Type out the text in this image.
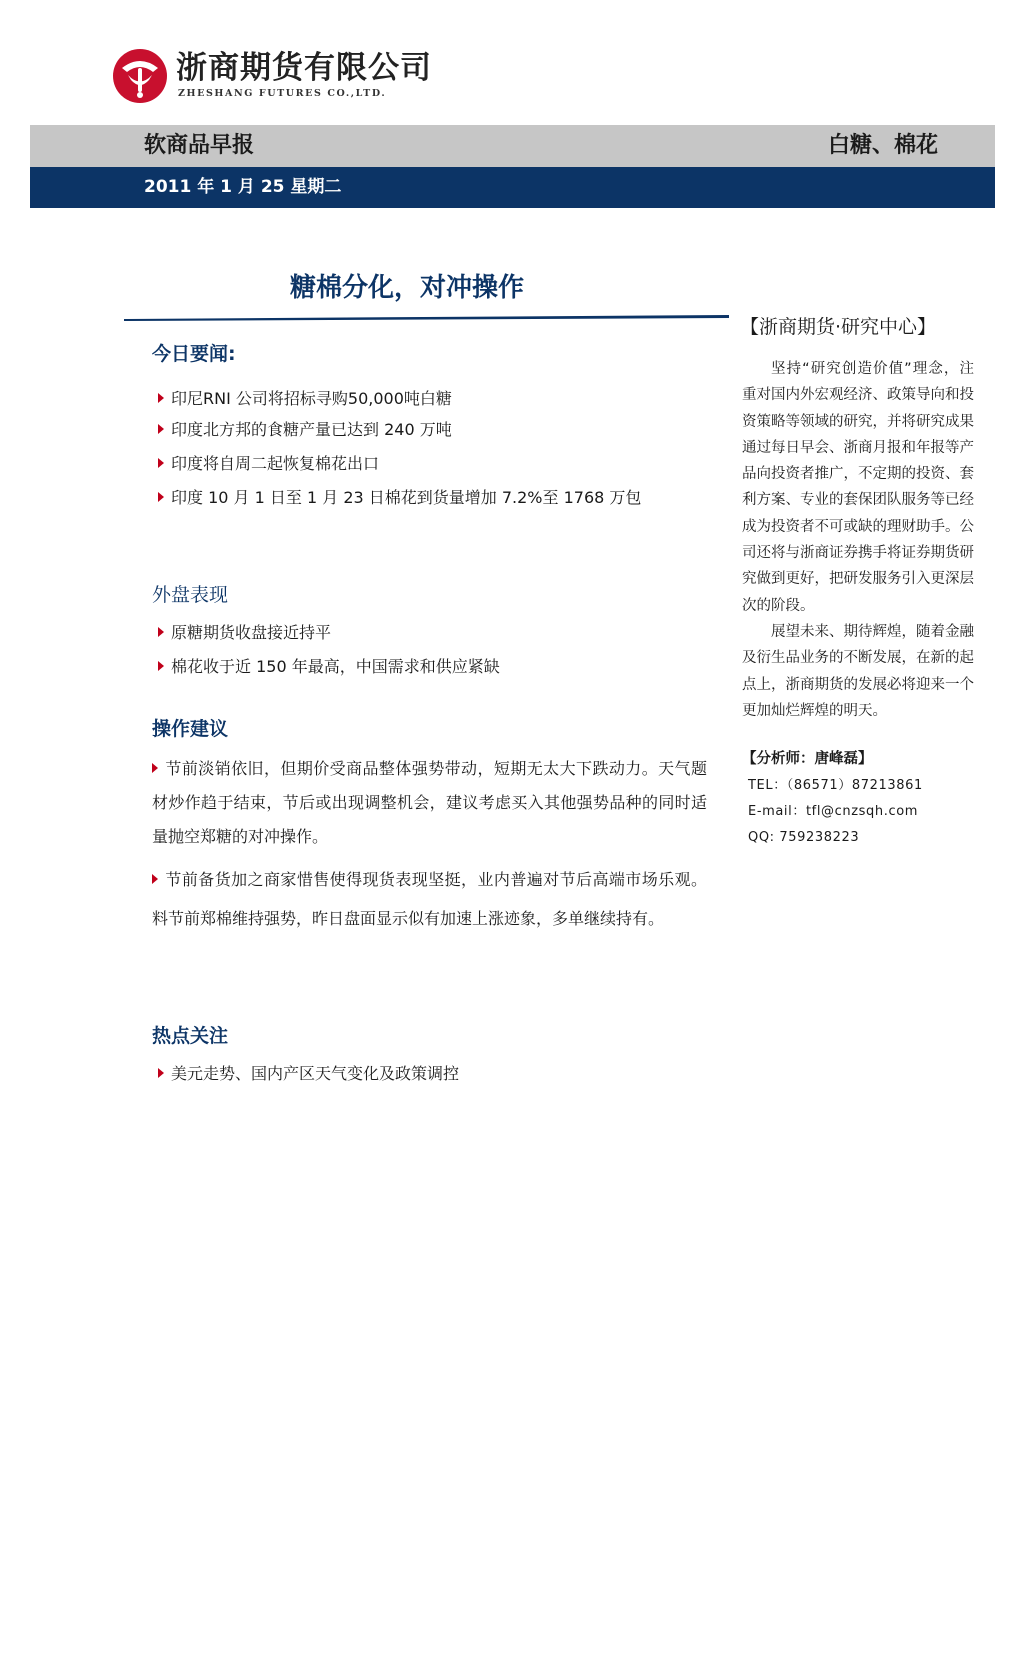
浙商期货有限公司
ZHESHANG FUTURES CO.,LTD.
软商品早报	白糖、棉花
2011 年 1 月 25 星期二
糖棉分化，对冲操作
今日要闻:
印尼RNI 公司将招标寻购50,000吨白糖
印度北方邦的食糖产量已达到 240 万吨
印度将自周二起恢复棉花出口
印度 10 月 1 日至 1 月 23 日棉花到货量增加 7.2%至 1768 万包
外盘表现
原糖期货收盘接近持平
棉花收于近 150 年最高，中国需求和供应紧缺
操作建议
节前淡销依旧，但期价受商品整体强势带动，短期无太大下跌动力。天气题材炒作趋于结束，节后或出现调整机会，建议考虑买入其他强势品种的同时适量抛空郑糖的对冲操作。
节前备货加之商家惜售使得现货表现坚挺，业内普遍对节后高端市场乐观。料节前郑棉维持强势，昨日盘面显示似有加速上涨迹象，多单继续持有。
热点关注
美元走势、国内产区天气变化及政策调控
【浙商期货·研究中心】
坚持“研究创造价值”理念，注重对国内外宏观经济、政策导向和投资策略等领域的研究，并将研究成果通过每日早会、浙商月报和年报等产品向投资者推广，不定期的投资、套利方案、专业的套保团队服务等已经成为投资者不可或缺的理财助手。公司还将与浙商证券携手将证券期货研究做到更好，把研发服务引入更深层次的阶段。
展望未来、期待辉煌，随着金融及衍生品业务的不断发展，在新的起点上，浙商期货的发展必将迎来一个更加灿烂辉煌的明天。
【分析师：唐峰磊】
TEL：（86571）87213861
E-mail：tfl@cnzsqh.com
QQ: 759238223
